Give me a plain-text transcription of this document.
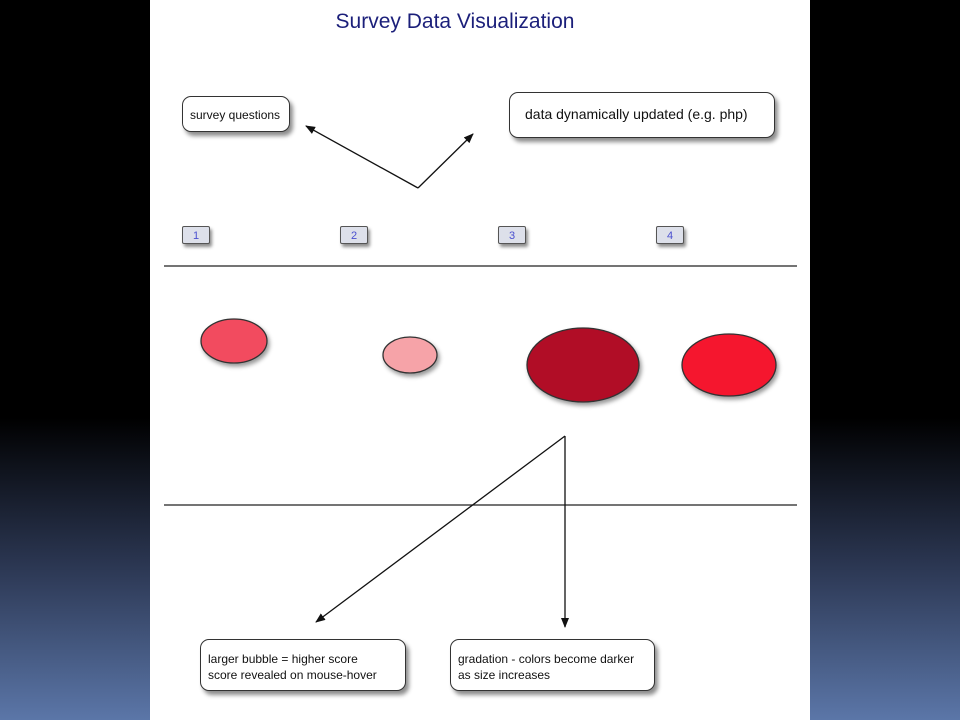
Survey Data Visualization
survey questions	data dynamically updated (e.g. php)
larger bubble = higher score
score revealed on mouse-hover
gradation - colors become darker
as size increases
1	2	3	4
